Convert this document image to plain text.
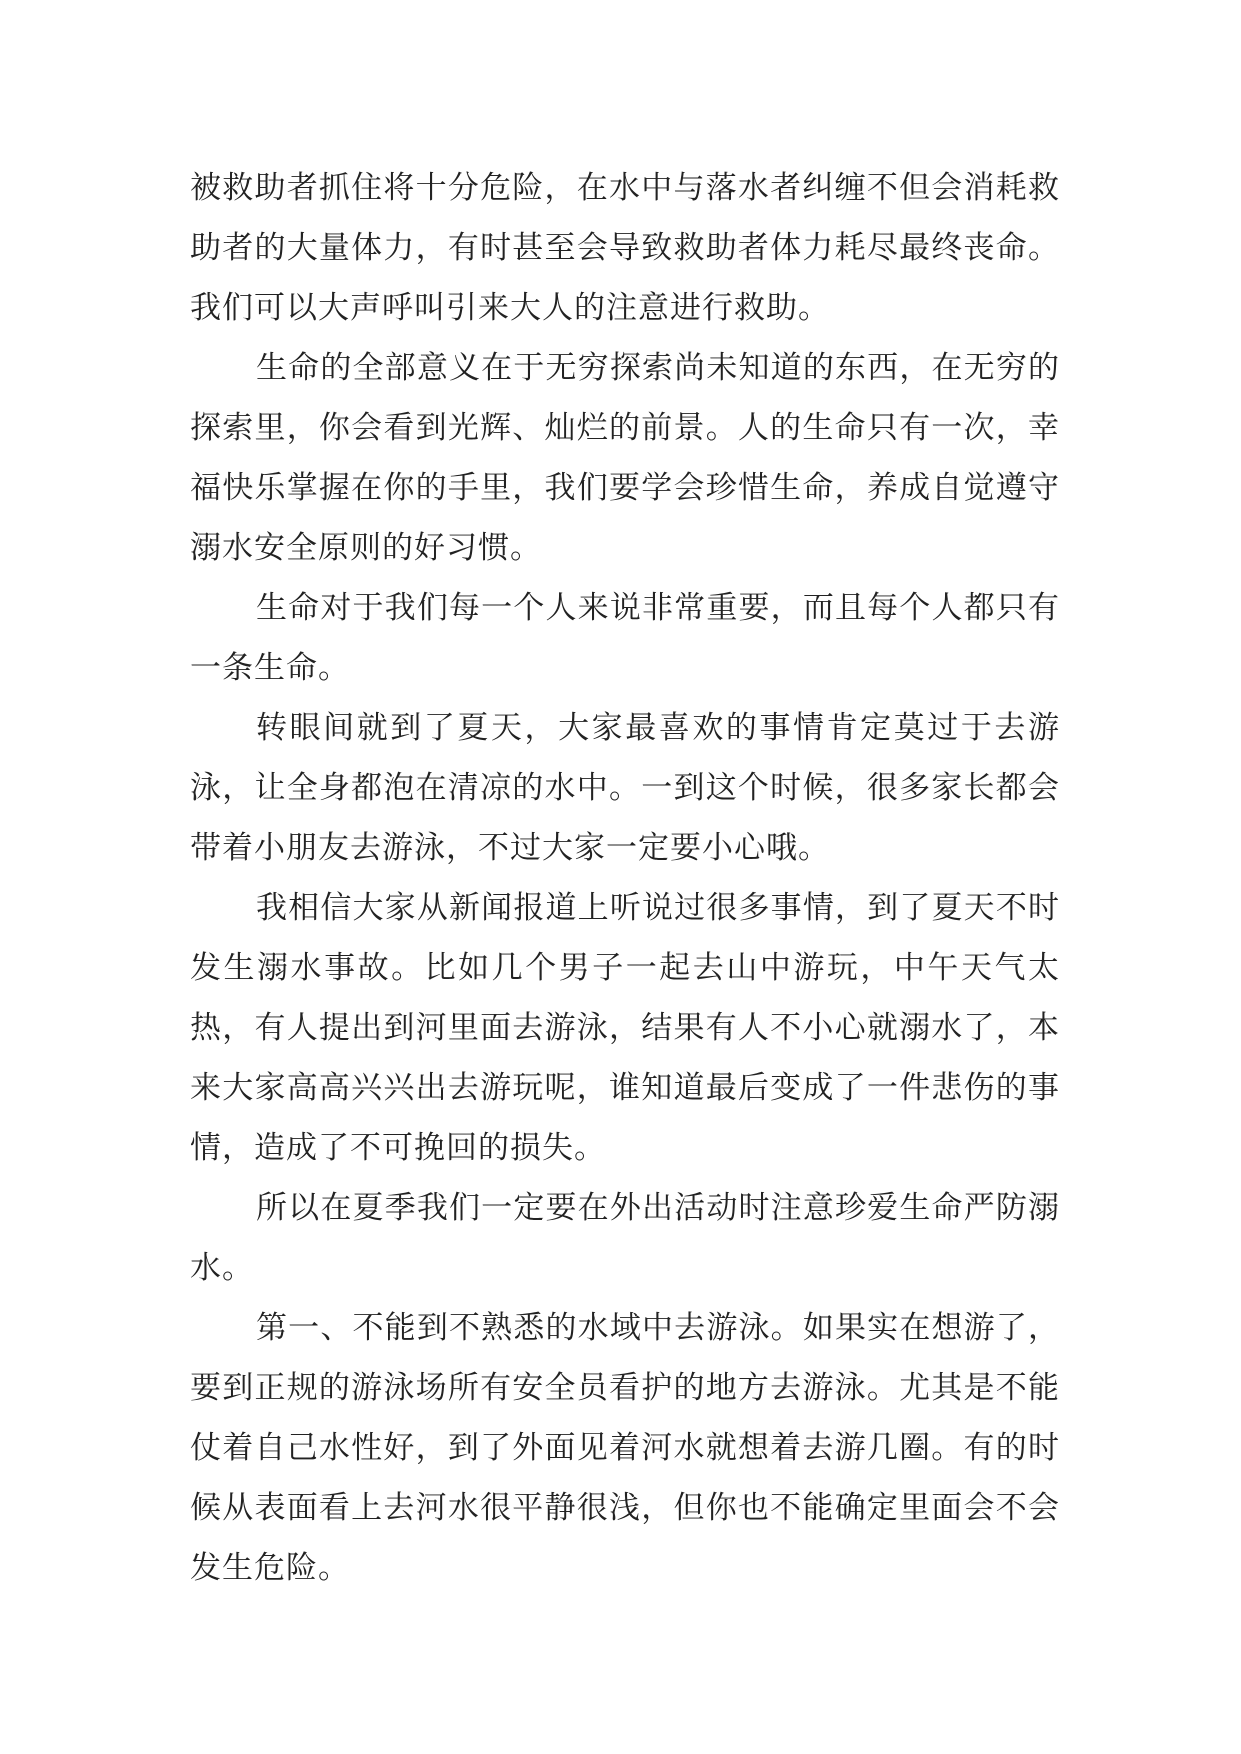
被救助者抓住将十分危险，在水中与落水者纠缠不但会消耗救助者的大量体力，有时甚至会导致救助者体力耗尽最终丧命。我们可以大声呼叫引来大人的注意进行救助。

生命的全部意义在于无穷探索尚未知道的东西，在无穷的探索里，你会看到光辉、灿烂的前景。人的生命只有一次，幸福快乐掌握在你的手里，我们要学会珍惜生命，养成自觉遵守溺水安全原则的好习惯。

生命对于我们每一个人来说非常重要，而且每个人都只有一条生命。

转眼间就到了夏天，大家最喜欢的事情肯定莫过于去游泳，让全身都泡在清凉的水中。一到这个时候，很多家长都会带着小朋友去游泳，不过大家一定要小心哦。

我相信大家从新闻报道上听说过很多事情，到了夏天不时发生溺水事故。比如几个男子一起去山中游玩，中午天气太热，有人提出到河里面去游泳，结果有人不小心就溺水了，本来大家高高兴兴出去游玩呢，谁知道最后变成了一件悲伤的事情，造成了不可挽回的损失。

所以在夏季我们一定要在外出活动时注意珍爱生命严防溺水。

第一、不能到不熟悉的水域中去游泳。如果实在想游了，要到正规的游泳场所有安全员看护的地方去游泳。尤其是不能仗着自己水性好，到了外面见着河水就想着去游几圈。有的时候从表面看上去河水很平静很浅，但你也不能确定里面会不会发生危险。
